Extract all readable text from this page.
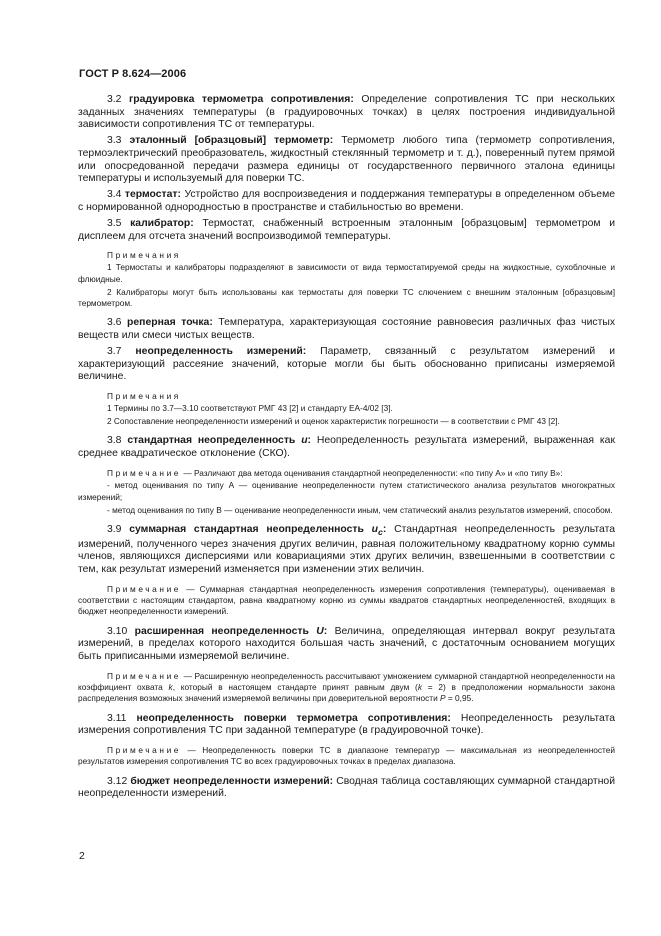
ГОСТ Р 8.624—2006

3.2 градуировка термометра сопротивления: Определение сопротивления ТС при нескольких заданных значениях температуры (в градуировочных точках) в целях построения индивидуальной зависимости сопротивления ТС от температуры.

3.3 эталонный [образцовый] термометр: Термометр любого типа (термометр сопротивления, термоэлектрический преобразователь, жидкостный стеклянный термометр и т. д.), поверенный путем прямой или опосредованной передачи размера единицы от государственного первичного эталона единицы температуры и используемый для поверки ТС.

3.4 термостат: Устройство для воспроизведения и поддержания температуры в определенном объеме с нормированной однородностью в пространстве и стабильностью во времени.

3.5 калибратор: Термостат, снабженный встроенным эталонным [образцовым] термометром и дисплеем для отсчета значений воспроизводимой температуры.

Примечания

1 Термостаты и калибраторы подразделяют в зависимости от вида термостатируемой среды на жидкостные, сухоблочные и флюидные.

2 Калибраторы могут быть использованы как термостаты для поверки ТС слючением с внешним эталонным [образцовым] термометром.

3.6 реперная точка: Температура, характеризующая состояние равновесия различных фаз чистых веществ или смеси чистых веществ.

3.7 неопределенность измерений: Параметр, связанный с результатом измерений и характеризующий рассеяние значений, которые могли бы быть обоснованно приписаны измеряемой величине.

Примечания

1 Термины по 3.7—3.10 соответствуют РМГ 43 [2] и стандарту ЕА-4/02 [3].

2 Сопоставление неопределенности измерений и оценок характеристик погрешности — в соответствии с РМГ 43 [2].

3.8 стандартная неопределенность u: Неопределенность результата измерений, выраженная как среднее квадратическое отклонение (СКО).

Примечание — Различают два метода оценивания стандартной неопределенности: «по типу А» и «по типу В»:

- метод оценивания по типу А — оценивание неопределенности путем статистического анализа результатов многократных измерений;

- метод оценивания по типу В — оценивание неопределенности иным, чем статический анализ результатов измерений, способом.

3.9 суммарная стандартная неопределенность $u_c$: Стандартная неопределенность результата измерений, полученного через значения других величин, равная положительному квадратному корню суммы членов, являющихся дисперсиями или ковариациями этих других величин, взвешенными в соответствии с тем, как результат измерений изменяется при изменении этих величин.

Примечание — Суммарная стандартная неопределенность измерения сопротивления (температуры), оцениваемая в соответствии с настоящим стандартом, равна квадратному корню из суммы квадратов стандартных неопределенностей, входящих в бюджет неопределенности измерений.

3.10 расширенная неопределенность U: Величина, определяющая интервал вокруг результата измерений, в пределах которого находится большая часть значений, с достаточным основанием могущих быть приписанными измеряемой величине.

Примечание — Расширенную неопределенность рассчитывают умножением суммарной стандартной неопределенности на коэффициент охвата k, который в настоящем стандарте принят равным двум (k = 2) в предположении нормальности закона распределения возможных значений измеряемой величины при доверительной вероятности P = 0,95.

3.11 неопределенность поверки термометра сопротивления: Неопределенность результата измерения сопротивления ТС при заданной температуре (в градуировочной точке).

Примечание — Неопределенность поверки ТС в диапазоне температур — максимальная из неопределенностей результатов измерения сопротивления ТС во всех градуировочных точках в пределах диапазона.

3.12 бюджет неопределенности измерений: Сводная таблица составляющих суммарной стандартной неопределенности измерений.

2
